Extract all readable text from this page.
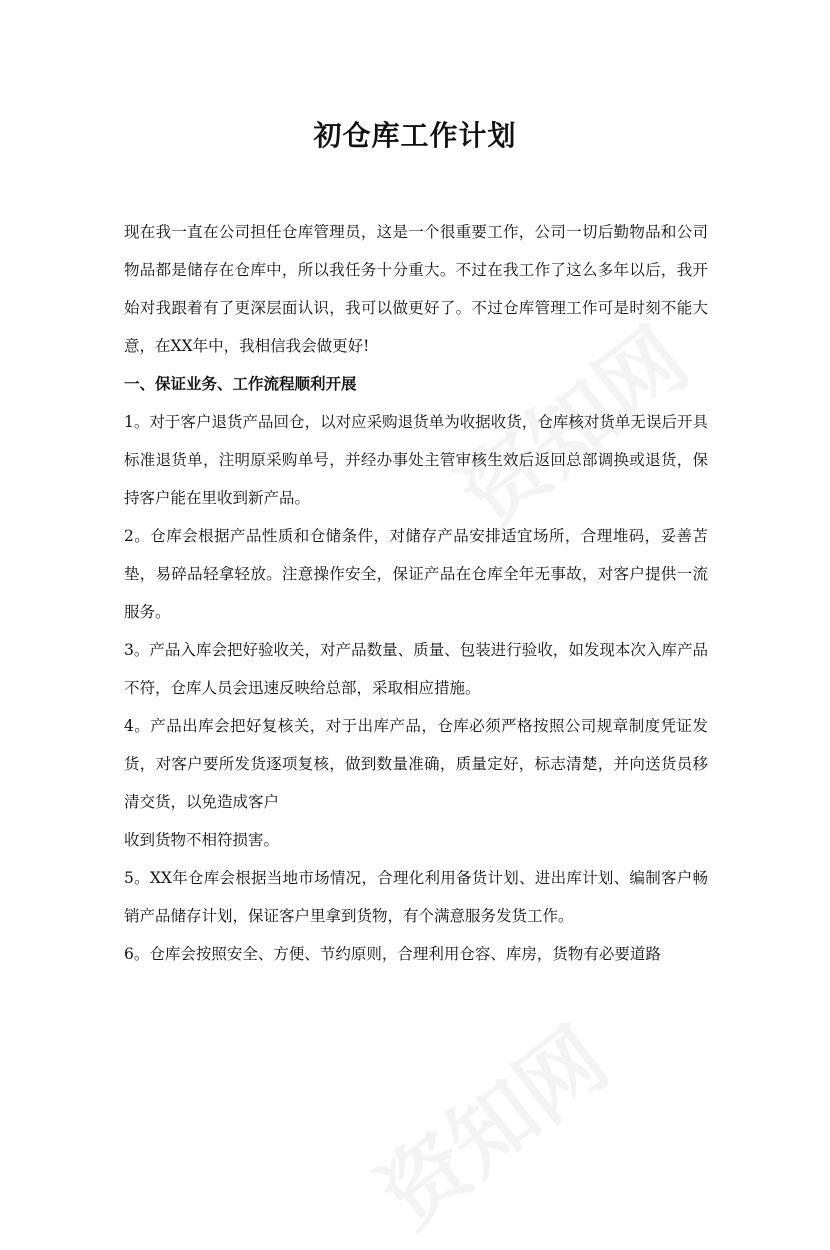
初仓库工作计划

现在我一直在公司担任仓库管理员，这是一个很重要工作，公司一切后勤物品和公司物品都是储存在仓库中，所以我任务十分重大。不过在我工作了这么多年以后，我开始对我跟着有了更深层面认识，我可以做更好了。不过仓库管理工作可是时刻不能大意，在XX年中，我相信我会做更好!

一、保证业务、工作流程顺利开展

1。对于客户退货产品回仓，以对应采购退货单为收据收货，仓库核对货单无误后开具标准退货单，注明原采购单号，并经办事处主管审核生效后返回总部调换或退货，保持客户能在里收到新产品。

2。仓库会根据产品性质和仓储条件，对储存产品安排适宜场所，合理堆码，妥善苫垫，易碎品轻拿轻放。注意操作安全，保证产品在仓库全年无事故，对客户提供一流服务。

3。产品入库会把好验收关，对产品数量、质量、包装进行验收，如发现本次入库产品不符，仓库人员会迅速反映给总部，采取相应措施。

4。产品出库会把好复核关，对于出库产品，仓库必须严格按照公司规章制度凭证发货，对客户要所发货逐项复核，做到数量准确，质量定好，标志清楚，并向送货员移清交货，以免造成客户

收到货物不相符损害。

5。XX年仓库会根据当地市场情况，合理化利用备货计划、进出库计划、编制客户畅销产品储存计划，保证客户里拿到货物，有个满意服务发货工作。

6。仓库会按照安全、方便、节约原则，合理利用仓容、库房，货物有必要道路
